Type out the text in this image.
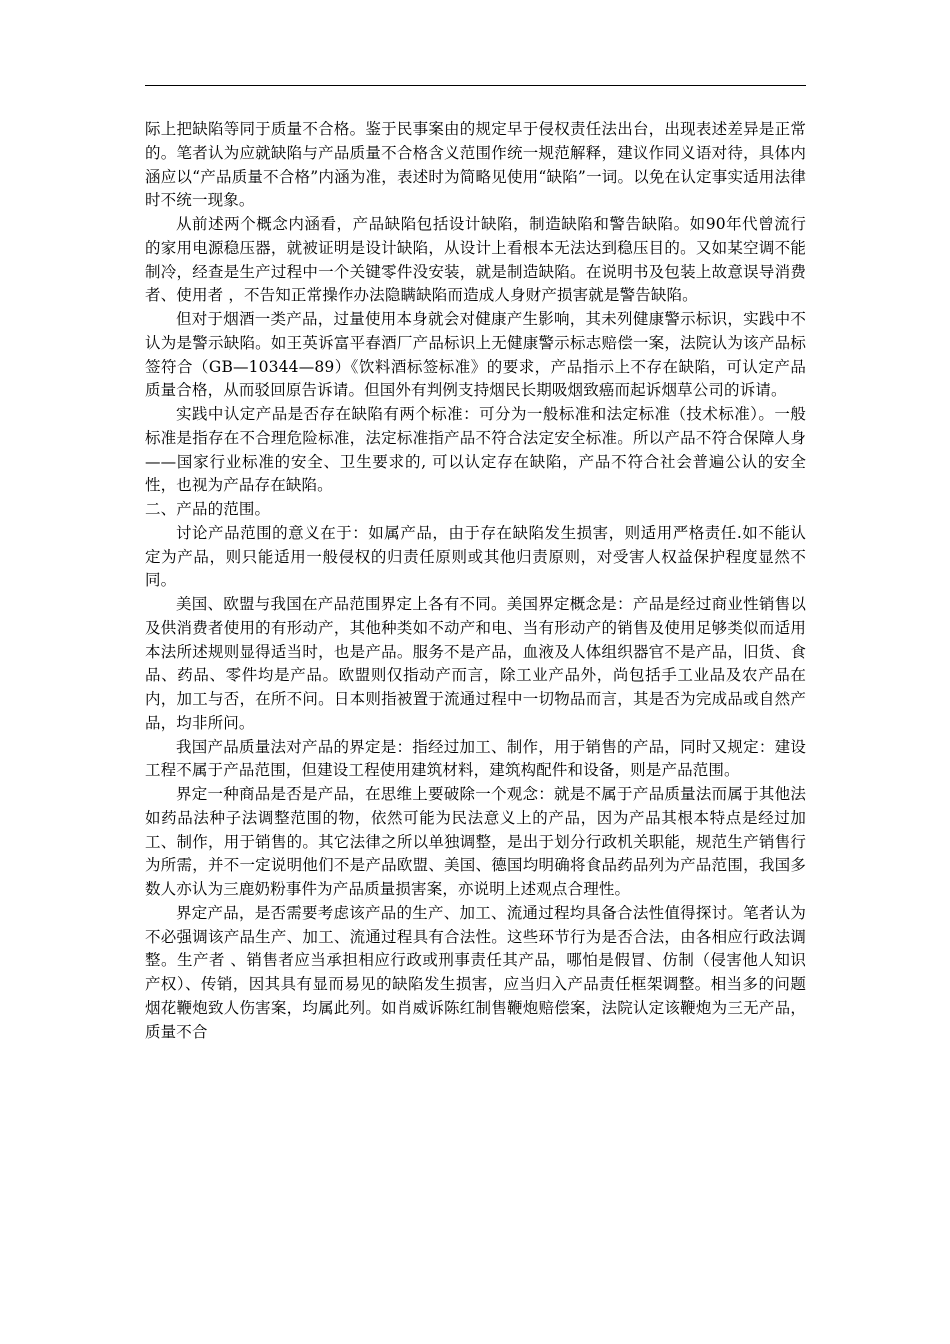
际上把缺陷等同于质量不合格。鉴于民事案由的规定早于侵权责任法出台，出现表述差异是正常的。笔者认为应就缺陷与产品质量不合格含义范围作统一规范解释，建议作同义语对待，具体内涵应以“产品质量不合格”内涵为准，表述时为简略见使用“缺陷”一词。以免在认定事实适用法律时不统一现象。

从前述两个概念内涵看，产品缺陷包括设计缺陷，制造缺陷和警告缺陷。如90年代曾流行的家用电源稳压器，就被证明是设计缺陷，从设计上看根本无法达到稳压目的。又如某空调不能制冷，经查是生产过程中一个关键零件没安装，就是制造缺陷。在说明书及包装上故意误导消费者、使用者 ，不告知正常操作办法隐瞒缺陷而造成人身财产损害就是警告缺陷。

但对于烟酒一类产品，过量使用本身就会对健康产生影响，其未列健康警示标识，实践中不认为是警示缺陷。如王英诉富平春酒厂产品标识上无健康警示标志赔偿一案，法院认为该产品标签符合（GB—10344—89）《饮料酒标签标准》的要求，产品指示上不存在缺陷，可认定产品质量合格，从而驳回原告诉请。但国外有判例支持烟民长期吸烟致癌而起诉烟草公司的诉请。

实践中认定产品是否存在缺陷有两个标准：可分为一般标准和法定标准（技术标准）。一般标准是指存在不合理危险标准，法定标准指产品不符合法定安全标准。所以产品不符合保障人身——国家行业标准的安全、卫生要求的, 可以认定存在缺陷，产品不符合社会普遍公认的安全性，也视为产品存在缺陷。

二、产品的范围。

讨论产品范围的意义在于：如属产品，由于存在缺陷发生损害，则适用严格责任.如不能认定为产品，则只能适用一般侵权的归责任原则或其他归责原则，对受害人权益保护程度显然不同。

美国、欧盟与我国在产品范围界定上各有不同。美国界定概念是：产品是经过商业性销售以及供消费者使用的有形动产，其他种类如不动产和电、当有形动产的销售及使用足够类似而适用本法所述规则显得适当时，也是产品。服务不是产品，血液及人体组织器官不是产品，旧货、食品、药品、零件均是产品。欧盟则仅指动产而言，除工业产品外，尚包括手工业品及农产品在内，加工与否，在所不问。日本则指被置于流通过程中一切物品而言，其是否为完成品或自然产品，均非所问。

我国产品质量法对产品的界定是：指经过加工、制作，用于销售的产品，同时又规定：建设工程不属于产品范围，但建设工程使用建筑材料，建筑构配件和设备，则是产品范围。

界定一种商品是否是产品，在思维上要破除一个观念：就是不属于产品质量法而属于其他法如药品法种子法调整范围的物，依然可能为民法意义上的产品，因为产品其根本特点是经过加工、制作，用于销售的。其它法律之所以单独调整，是出于划分行政机关职能，规范生产销售行为所需，并不一定说明他们不是产品欧盟、美国、德国均明确将食品药品列为产品范围，我国多数人亦认为三鹿奶粉事件为产品质量损害案，亦说明上述观点合理性。

界定产品，是否需要考虑该产品的生产、加工、流通过程均具备合法性值得探讨。笔者认为不必强调该产品生产、加工、流通过程具有合法性。这些环节行为是否合法，由各相应行政法调整。生产者 、销售者应当承担相应行政或刑事责任其产品，哪怕是假冒、仿制（侵害他人知识产权）、传销，因其具有显而易见的缺陷发生损害，应当归入产品责任框架调整。相当多的问题烟花鞭炮致人伤害案，均属此列。如肖威诉陈红制售鞭炮赔偿案，法院认定该鞭炮为三无产品，质量不合
